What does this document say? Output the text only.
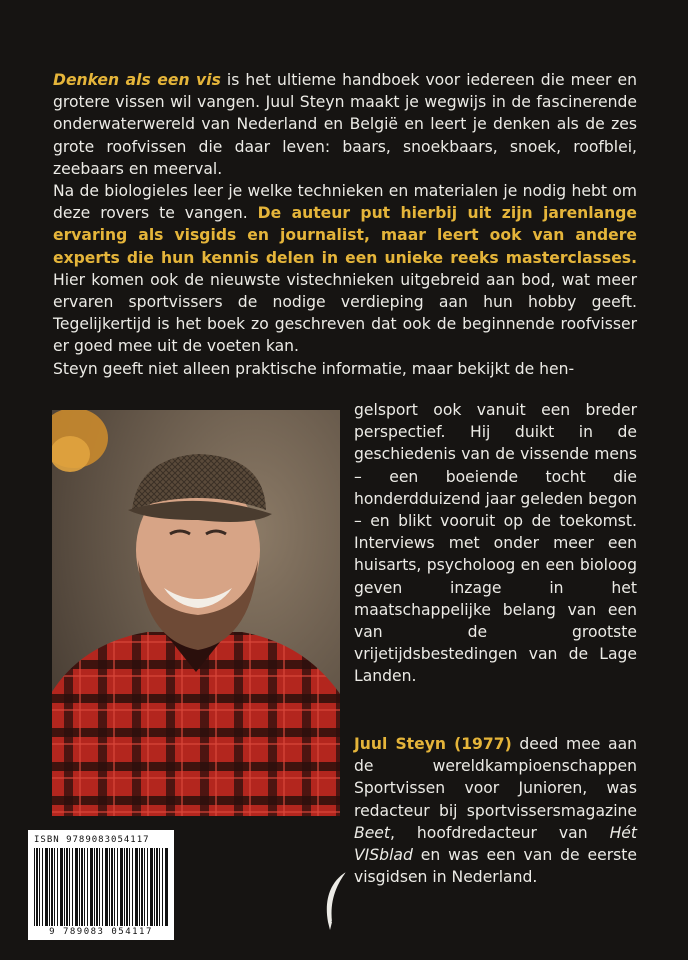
Denken als een vis is het ultieme handboek voor iedereen die meer en grotere vissen wil vangen. Juul Steyn maakt je wegwijs in de fascinerende onderwaterwereld van Nederland en België en leert je denken als de zes grote roofvissen die daar leven: baars, snoekbaars, snoek, roofblei, zeebaars en meerval.

Na de biologieles leer je welke technieken en materialen je nodig hebt om deze rovers te vangen. De auteur put hierbij uit zijn jarenlange ervaring als visgids en journalist, maar leert ook van andere experts die hun kennis delen in een unieke reeks masterclasses. Hier komen ook de nieuwste vistechnieken uitgebreid aan bod, wat meer ervaren sportvissers de nodige verdieping aan hun hobby geeft. Tegelijkertijd is het boek zo geschreven dat ook de beginnende roofvisser er goed mee uit de voeten kan.

Steyn geeft niet alleen praktische informatie, maar bekijkt de hen-

gelsport ook vanuit een breder perspectief. Hij duikt in de geschiedenis van de vissende mens – een boeiende tocht die honderdduizend jaar geleden begon – en blikt vooruit op de toekomst. Interviews met onder meer een huisarts, psycholoog en een bioloog geven inzage in het maatschappelijke belang van een van de grootste vrijetijdsbestedingen van de Lage Landen.

Juul Steyn (1977) deed mee aan de wereldkampioenschappen Sportvissen voor Junioren, was redacteur bij sportvissersmagazine Beet, hoofdredacteur van Hét VISblad en was een van de eerste visgidsen in Nederland.

ISBN 9789083054117
9 789083 054117
